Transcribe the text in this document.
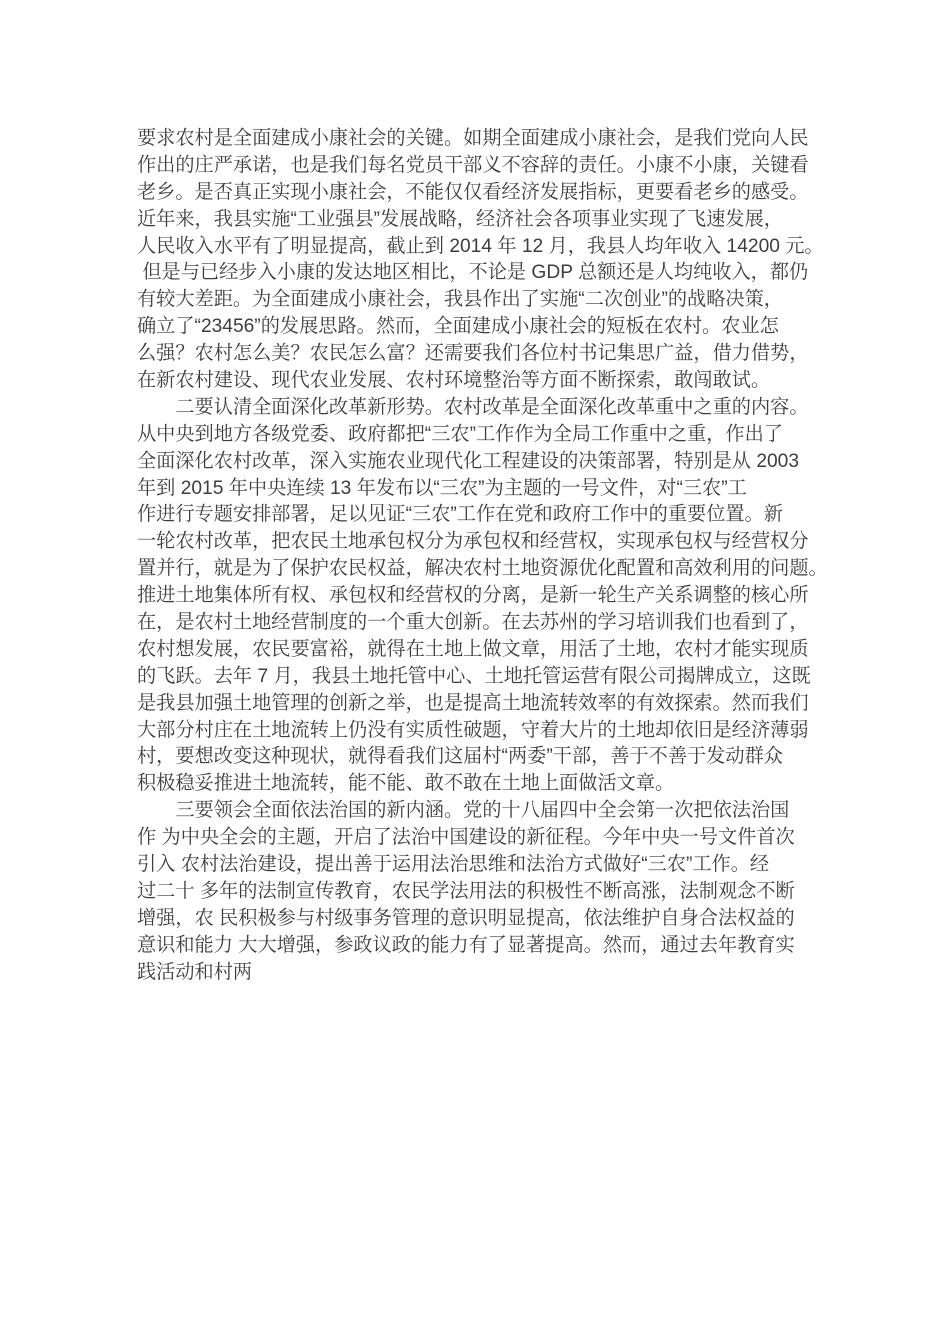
要求农村是全面建成小康社会的关键。如期全面建成小康社会，是我们党向人民
作出的庄严承诺，也是我们每名党员干部义不容辞的责任。小康不小康，关键看
老乡。是否真正实现小康社会，不能仅仅看经济发展指标，更要看老乡的感受。
近年来，我县实施“工业强县”发展战略，经济社会各项事业实现了飞速发展，
人民收入水平有了明显提高，截止到 2014 年 12 月，我县人均年收入 14200 元。
但是与已经步入小康的发达地区相比，不论是 GDP 总额还是人均纯收入，都仍
有较大差距。为全面建成小康社会，我县作出了实施“二次创业”的战略决策，
确立了“23456”的发展思路。然而，全面建成小康社会的短板在农村。农业怎
么强？农村怎么美？农民怎么富？还需要我们各位村书记集思广益，借力借势，
在新农村建设、现代农业发展、农村环境整治等方面不断探索，敢闯敢试。
　　二要认清全面深化改革新形势。农村改革是全面深化改革重中之重的内容。
从中央到地方各级党委、政府都把“三农”工作作为全局工作重中之重，作出了
全面深化农村改革，深入实施农业现代化工程建设的决策部署，特别是从 2003
年到 2015 年中央连续 13 年发布以“三农”为主题的一号文件，对“三农”工
作进行专题安排部署，足以见证“三农”工作在党和政府工作中的重要位置。新
一轮农村改革，把农民土地承包权分为承包权和经营权，实现承包权与经营权分
置并行，就是为了保护农民权益，解决农村土地资源优化配置和高效利用的问题。
推进土地集体所有权、承包权和经营权的分离，是新一轮生产关系调整的核心所
在，是农村土地经营制度的一个重大创新。在去苏州的学习培训我们也看到了，
农村想发展，农民要富裕，就得在土地上做文章，用活了土地，农村才能实现质
的飞跃。去年 7 月，我县土地托管中心、土地托管运营有限公司揭牌成立，这既
是我县加强土地管理的创新之举，也是提高土地流转效率的有效探索。然而我们
大部分村庄在土地流转上仍没有实质性破题，守着大片的土地却依旧是经济薄弱
村，要想改变这种现状，就得看我们这届村“两委”干部，善于不善于发动群众
积极稳妥推进土地流转，能不能、敢不敢在土地上面做活文章。
　　三要领会全面依法治国的新内涵。党的十八届四中全会第一次把依法治国
作 为中央全会的主题，开启了法治中国建设的新征程。今年中央一号文件首次
引入 农村法治建设，提出善于运用法治思维和法治方式做好“三农”工作。经
过二十 多年的法制宣传教育，农民学法用法的积极性不断高涨，法制观念不断
增强，农 民积极参与村级事务管理的意识明显提高，依法维护自身合法权益的
意识和能力 大大增强，参政议政的能力有了显著提高。然而，通过去年教育实
践活动和村两
